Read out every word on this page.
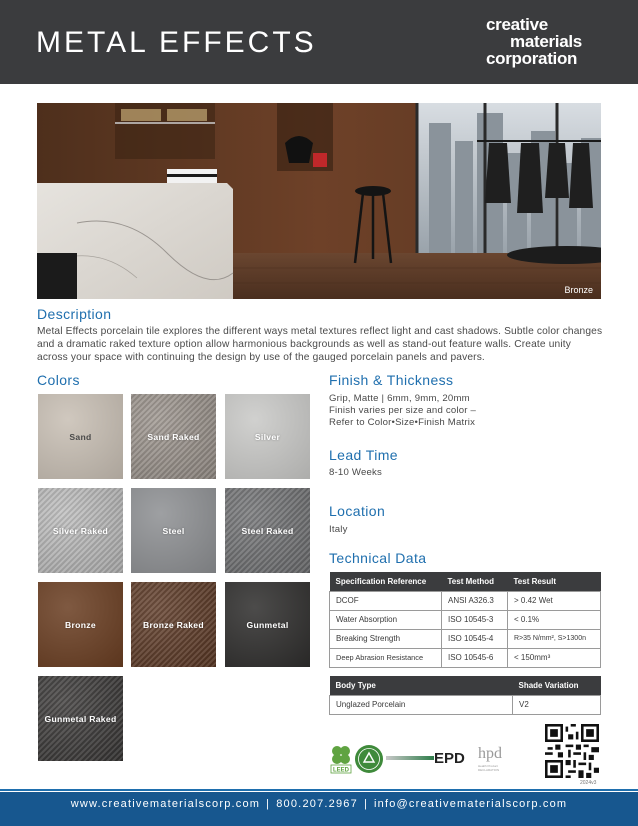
METAL EFFECTS
creative
materials
corporation
Bronze
Description
Metal Effects porcelain tile explores the different ways metal textures reflect light and cast shadows. Subtle color changes and a dramatic raked texture option allow harmonious backgrounds as well as stand-out feature walls. Create unity across your space with continuing the design by use of the gauged porcelain panels and pavers.
Colors
Sand	Sand Raked	Silver
Silver Raked	Steel	Steel Raked
Bronze	Bronze Raked	Gunmetal
Gunmetal Raked
Finish & Thickness
Grip, Matte | 6mm, 9mm, 20mm
Finish varies per size and color –
Refer to Color•Size•Finish Matrix
Lead Time
8-10 Weeks
Location
Italy
Technical Data
Specification Reference	Test Method	Test Result
DCOF	ANSI A326.3	> 0.42 Wet
Water Absorption	ISO 10545-3	< 0.1%
Breaking Strength	ISO 10545-4	R>35 N/mm², S>1300n
Deep Abrasion Resistance	ISO 10545-6	< 150mm³
Body Type	Shade Variation
Unglazed Porcelain	V2
LEED
EPD hpd
Health Product DECLARATION
2024v3
www.creativematerialscorp.com | 800.207.2967 | info@creativematerialscorp.com
